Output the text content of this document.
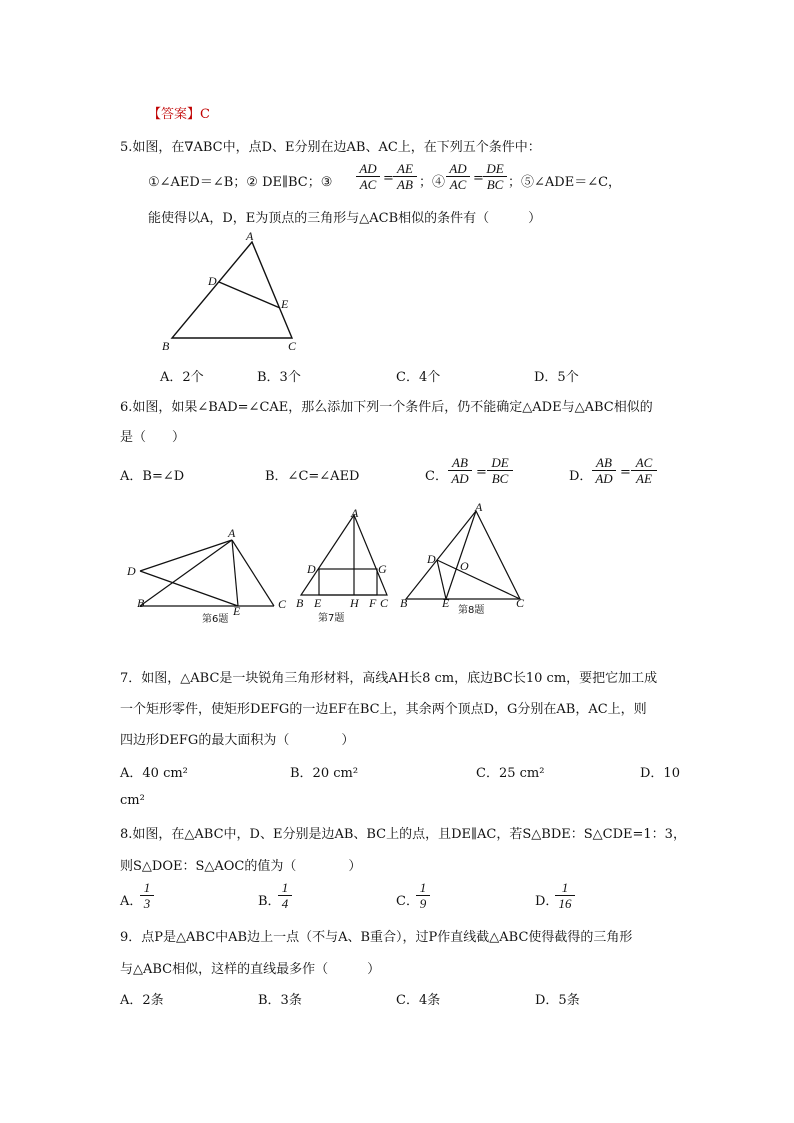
【答案】C
5.如图，在∇ABC中，点D、E分别在边AB、AC上，在下列五个条件中：
①∠AED＝∠B；② DE∥BC；③ $\frac{AD}{AC} = \frac{AE}{AB}$ ；④ $\frac{AD}{AC} = \frac{DE}{BC}$ ；⑤∠ADE＝∠C，
能使得以A，D，E为顶点的三角形与△ACB相似的条件有（　　　）
A
D
E
B	C
A．2个	B．3个	C．4个	D．5个
6.如图，如果∠BAD=∠CAE，那么添加下列一个条件后，仍不能确定△ADE与△ABC相似的
是（　　）
A．B=∠D	B．∠C=∠AED	C． $\frac{AB}{AD} = \frac{DE}{BC}$	D． $\frac{AB}{AD} = \frac{AC}{AE}$
A
D
B	C
E
第6题
A
D	G
B E H F C
第7题
A
D O
B	E	C
第8题
7．如图，△ABC是一块锐角三角形材料，高线AH长8 cm，底边BC长10 cm，要把它加工成
一个矩形零件，使矩形DEFG的一边EF在BC上，其余两个顶点D，G分别在AB，AC上，则
四边形DEFG的最大面积为（　　　　）
A．40 cm²	B．20 cm²	C．25 cm²	D．10
cm²
8.如图，在△ABC中，D、E分别是边AB、BC上的点，且DE∥AC，若S△BDE：S△CDE=1：3，
则S△DOE：S△AOC的值为（　　　　）
A．
$\frac{1}{3}$	B．
$\frac{1}{4}$	C．
$\frac{1}{9}$	D．
$\frac{1}{16}$
9．点P是△ABC中AB边上一点（不与A、B重合），过P作直线截△ABC使得截得的三角形
与△ABC相似，这样的直线最多作（　　　）
A．2条	B．3条	C．4条	D．5条
